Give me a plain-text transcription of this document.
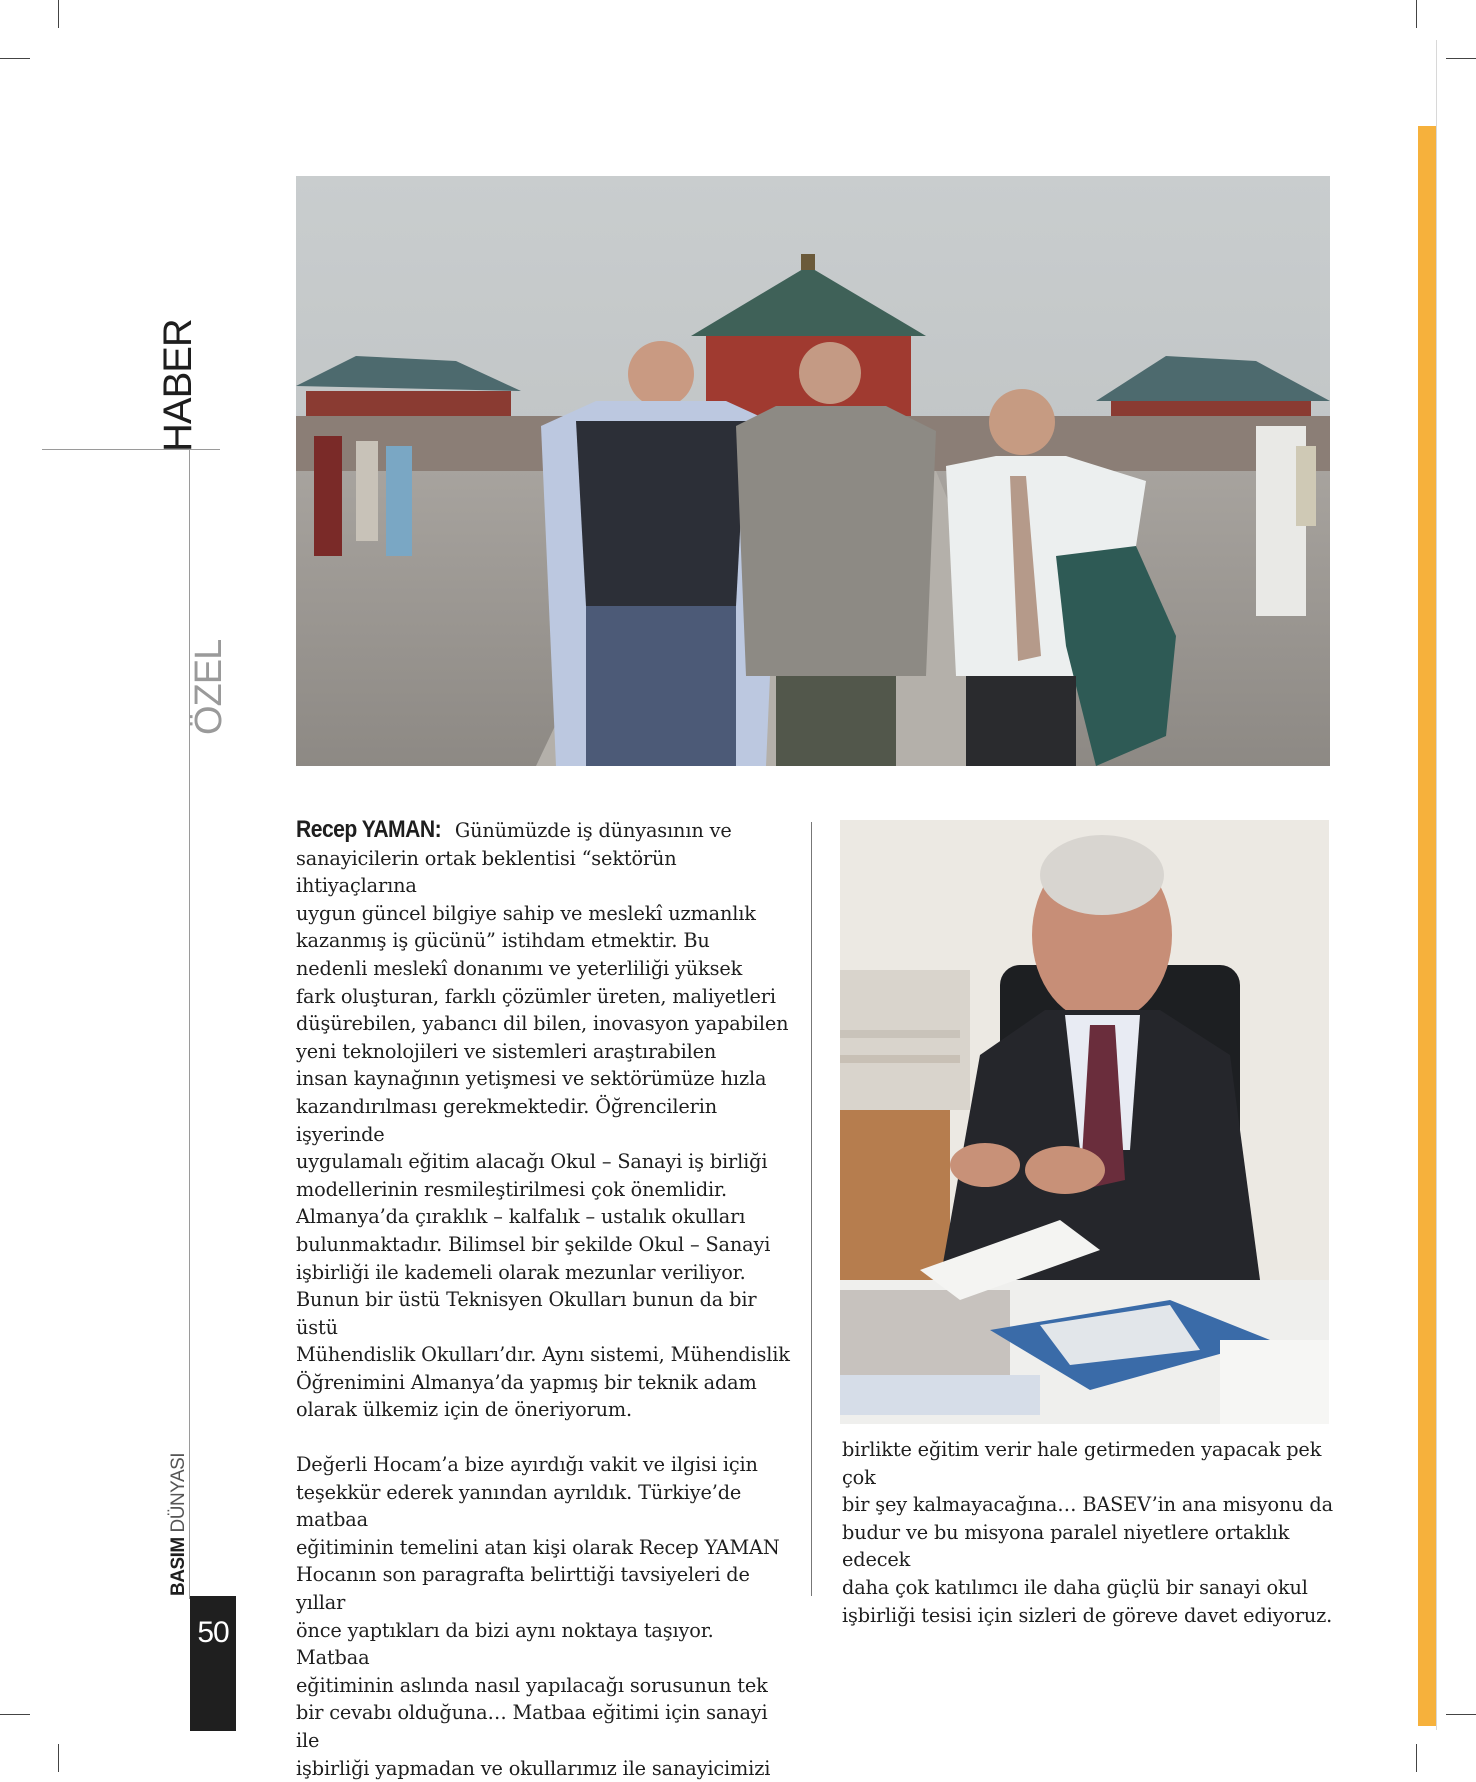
HABER
ÖZEL
BASIM DÜNYASI
50

Recep YAMAN: Günümüzde iş dünyasının ve
sanayicilerin ortak beklentisi “sektörün ihtiyaçlarına
uygun güncel bilgiye sahip ve meslekî uzmanlık
kazanmış iş gücünü” istihdam etmektir. Bu
nedenli meslekî donanımı ve yeterliliği yüksek
fark oluşturan, farklı çözümler üreten, maliyetleri
düşürebilen, yabancı dil bilen, inovasyon yapabilen
yeni teknolojileri ve sistemleri araştırabilen
insan kaynağının yetişmesi ve sektörümüze hızla
kazandırılması gerekmektedir. Öğrencilerin işyerinde
uygulamalı eğitim alacağı Okul – Sanayi iş birliği
modellerinin resmileştirilmesi çok önemlidir.
Almanya’da çıraklık – kalfalık – ustalık okulları
bulunmaktadır. Bilimsel bir şekilde Okul – Sanayi
işbirliği ile kademeli olarak mezunlar veriliyor.
Bunun bir üstü Teknisyen Okulları bunun da bir üstü
Mühendislik Okulları’dır. Aynı sistemi, Mühendislik
Öğrenimini Almanya’da yapmış bir teknik adam
olarak ülkemiz için de öneriyorum.

Değerli Hocam’a bize ayırdığı vakit ve ilgisi için
teşekkür ederek yanından ayrıldık. Türkiye’de matbaa
eğitiminin temelini atan kişi olarak Recep YAMAN
Hocanın son paragrafta belirttiği tavsiyeleri de yıllar
önce yaptıkları da bizi aynı noktaya taşıyor. Matbaa
eğitiminin aslında nasıl yapılacağı sorusunun tek
bir cevabı olduğuna… Matbaa eğitimi için sanayi ile
işbirliği yapmadan ve okullarımız ile sanayicimizi

birlikte eğitim verir hale getirmeden yapacak pek çok
bir şey kalmayacağına… BASEV’in ana misyonu da
budur ve bu misyona paralel niyetlere ortaklık edecek
daha çok katılımcı ile daha güçlü bir sanayi okul
işbirliği tesisi için sizleri de göreve davet ediyoruz.
